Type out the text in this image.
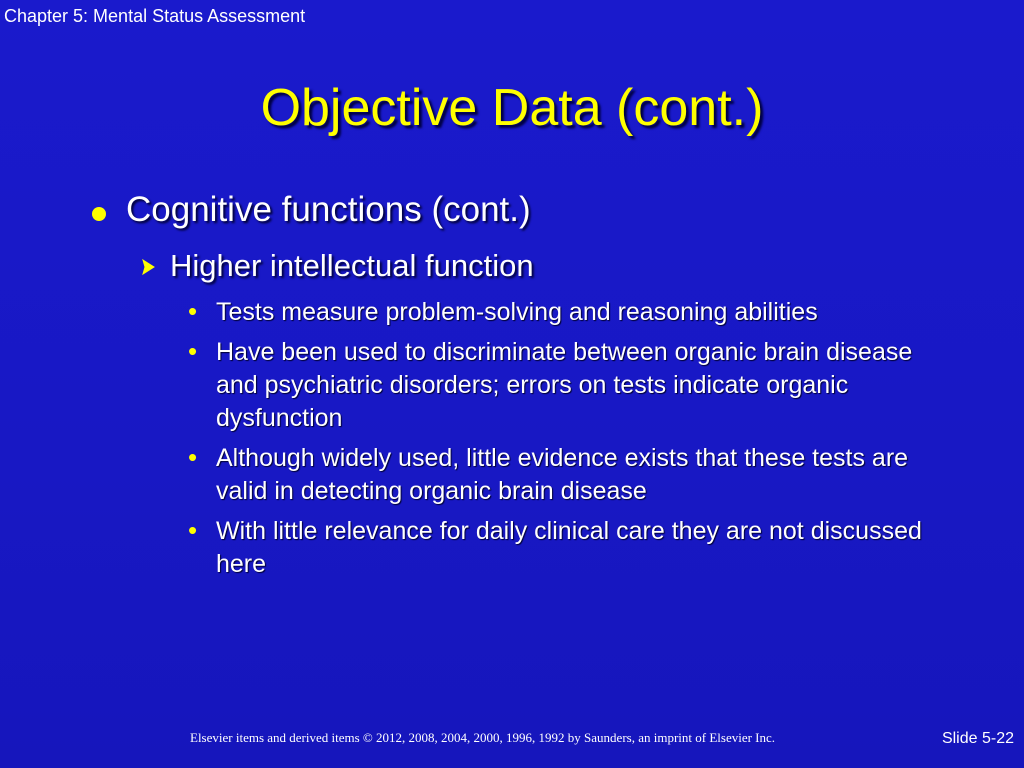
Chapter 5: Mental Status Assessment
Objective Data (cont.)
Cognitive functions (cont.)
Higher intellectual function
• Tests measure problem-solving and reasoning abilities
• Have been used to discriminate between organic brain disease and psychiatric disorders; errors on tests indicate organic dysfunction
• Although widely used, little evidence exists that these tests are valid in detecting organic brain disease
• With little relevance for daily clinical care they are not discussed here
Elsevier items and derived items © 2012, 2008, 2004, 2000, 1996, 1992 by Saunders, an imprint of Elsevier Inc.	Slide 5-22
